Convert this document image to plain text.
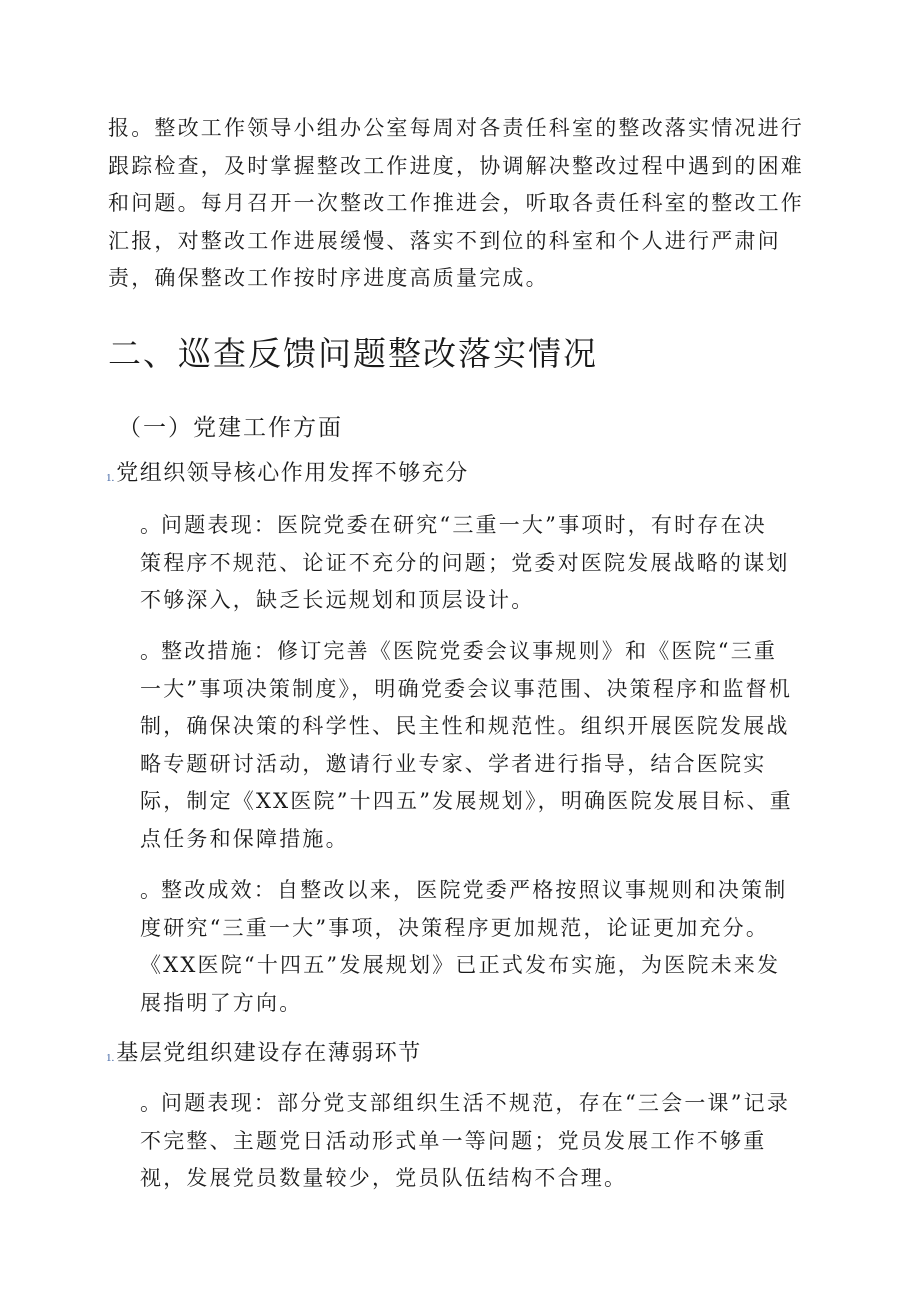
报。整改工作领导小组办公室每周对各责任科室的整改落实情况进行跟踪检查，及时掌握整改工作进度，协调解决整改过程中遇到的困难和问题。每月召开一次整改工作推进会，听取各责任科室的整改工作汇报，对整改工作进展缓慢、落实不到位的科室和个人进行严肃问责，确保整改工作按时序进度高质量完成。

二、巡查反馈问题整改落实情况
（一）党建工作方面
1.党组织领导核心作用发挥不够充分

。问题表现：医院党委在研究“三重一大”事项时，有时存在决策程序不规范、论证不充分的问题；党委对医院发展战略的谋划不够深入，缺乏长远规划和顶层设计。

。整改措施：修订完善《医院党委会议事规则》和《医院“三重一大”事项决策制度》，明确党委会议事范围、决策程序和监督机制，确保决策的科学性、民主性和规范性。组织开展医院发展战略专题研讨活动，邀请行业专家、学者进行指导，结合医院实际，制定《XX医院”十四五”发展规划》，明确医院发展目标、重点任务和保障措施。

。整改成效：自整改以来，医院党委严格按照议事规则和决策制度研究“三重一大”事项，决策程序更加规范，论证更加充分。《XX医院“十四五”发展规划》已正式发布实施，为医院未来发展指明了方向。

1.基层党组织建设存在薄弱环节

。问题表现：部分党支部组织生活不规范，存在“三会一课”记录不完整、主题党日活动形式单一等问题；党员发展工作不够重视，发展党员数量较少，党员队伍结构不合理。
